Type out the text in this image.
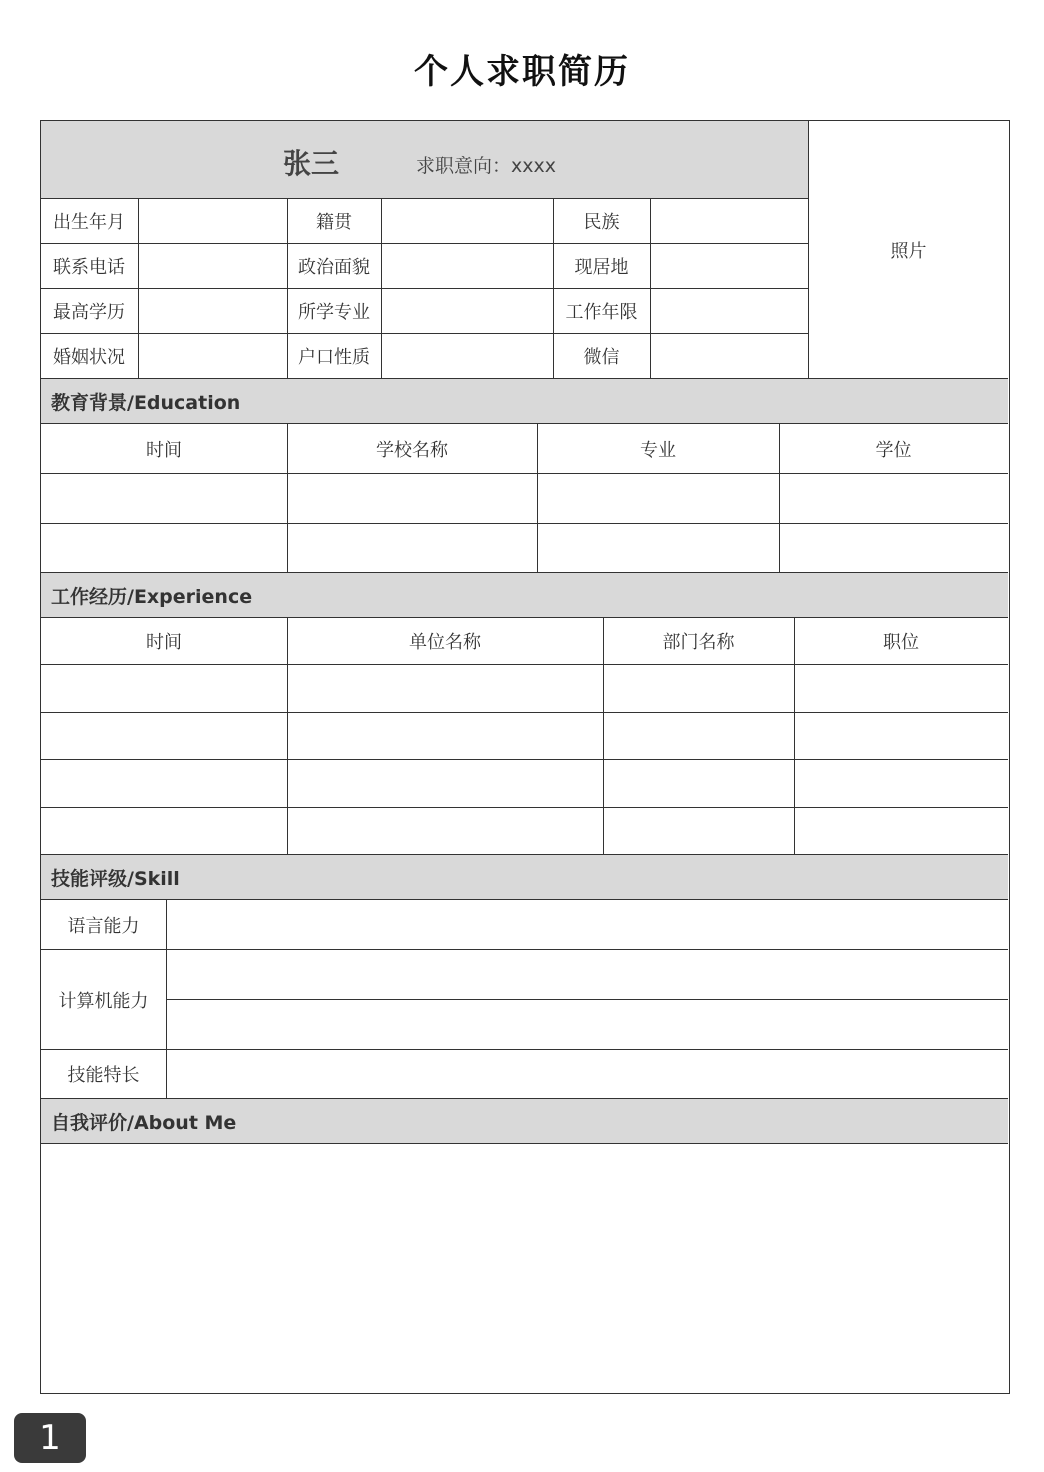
个人求职简历
张三	求职意向：xxxx
照片
出生年月	籍贯	民族
联系电话	政治面貌	现居地
最高学历	所学专业	工作年限
婚姻状况	户口性质	微信
教育背景/Education
时间	学校名称	专业	学位
工作经历/Experience
时间	单位名称	部门名称	职位
技能评级/Skill
语言能力
计算机能力
技能特长
自我评价/About Me
1
